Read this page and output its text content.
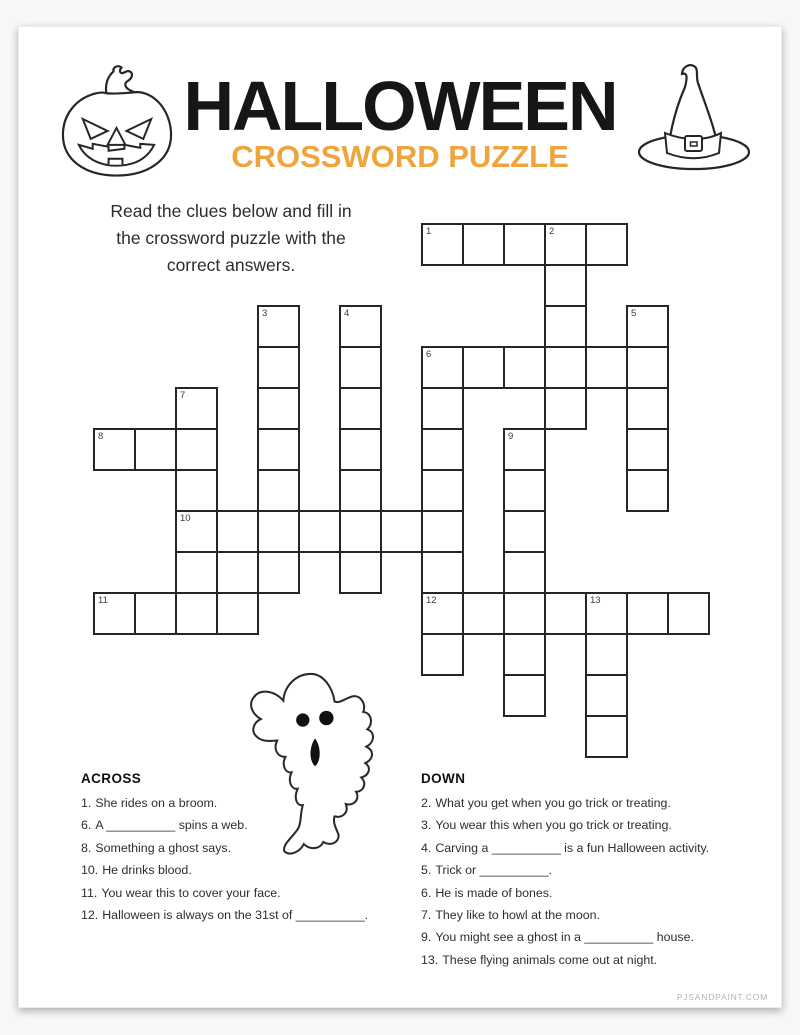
HALLOWEEN
CROSSWORD PUZZLE
Read the clues below and fill in
the crossword puzzle with the
correct answers.
1	2
3	4	5
6
7
8	9
10
11	12	13
ACROSS
1. She rides on a broom.
6. A __________ spins a web.
8. Something a ghost says.
10. He drinks blood.
11. You wear this to cover your face.
12. Halloween is always on the 31st of __________.
DOWN
2. What you get when you go trick or treating.
3. You wear this when you go trick or treating.
4. Carving a __________ is a fun Halloween activity.
5. Trick or __________.
6. He is made of bones.
7. They like to howl at the moon.
9. You might see a ghost in a __________ house.
13. These flying animals come out at night.
PJSANDPAINT.COM
